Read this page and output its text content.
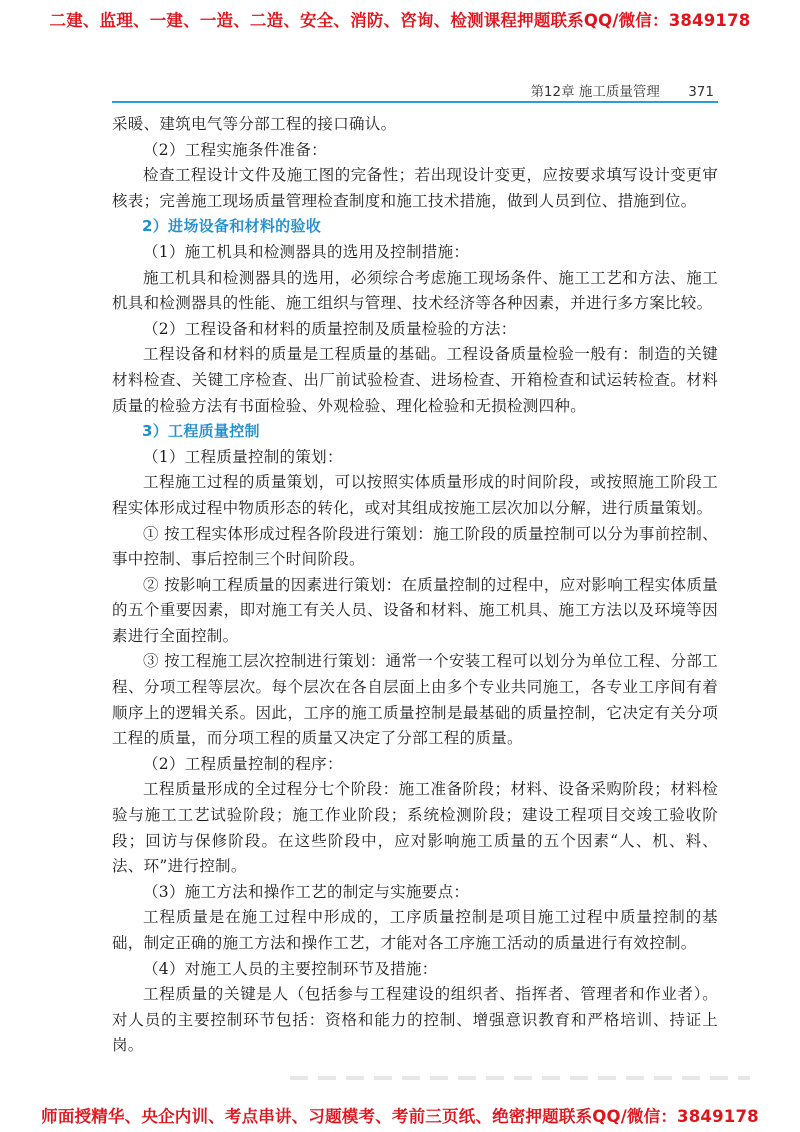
二建、监理、一建、一造、二造、安全、消防、咨询、检测课程押题联系QQ/微信：3849178
第12章 施工质量管理 371

采暖、建筑电气等分部工程的接口确认。

（2）工程实施条件准备：

检查工程设计文件及施工图的完备性；若出现设计变更，应按要求填写设计变更审核表；完善施工现场质量管理检查制度和施工技术措施，做到人员到位、措施到位。

2）进场设备和材料的验收

（1）施工机具和检测器具的选用及控制措施：

施工机具和检测器具的选用，必须综合考虑施工现场条件、施工工艺和方法、施工机具和检测器具的性能、施工组织与管理、技术经济等各种因素，并进行多方案比较。

（2）工程设备和材料的质量控制及质量检验的方法：

工程设备和材料的质量是工程质量的基础。工程设备质量检验一般有：制造的关键材料检查、关键工序检查、出厂前试验检查、进场检查、开箱检查和试运转检查。材料质量的检验方法有书面检验、外观检验、理化检验和无损检测四种。

3）工程质量控制

（1）工程质量控制的策划：

工程施工过程的质量策划，可以按照实体质量形成的时间阶段，或按照施工阶段工程实体形成过程中物质形态的转化，或对其组成按施工层次加以分解，进行质量策划。

① 按工程实体形成过程各阶段进行策划：施工阶段的质量控制可以分为事前控制、事中控制、事后控制三个时间阶段。

② 按影响工程质量的因素进行策划：在质量控制的过程中，应对影响工程实体质量的五个重要因素，即对施工有关人员、设备和材料、施工机具、施工方法以及环境等因素进行全面控制。

③ 按工程施工层次控制进行策划：通常一个安装工程可以划分为单位工程、分部工程、分项工程等层次。每个层次在各自层面上由多个专业共同施工，各专业工序间有着顺序上的逻辑关系。因此，工序的施工质量控制是最基础的质量控制，它决定有关分项工程的质量，而分项工程的质量又决定了分部工程的质量。

（2）工程质量控制的程序：

工程质量形成的全过程分七个阶段：施工准备阶段；材料、设备采购阶段；材料检验与施工工艺试验阶段；施工作业阶段；系统检测阶段；建设工程项目交竣工验收阶段；回访与保修阶段。在这些阶段中，应对影响施工质量的五个因素“人、机、料、法、环”进行控制。

（3）施工方法和操作工艺的制定与实施要点：

工程质量是在施工过程中形成的，工序质量控制是项目施工过程中质量控制的基础，制定正确的施工方法和操作工艺，才能对各工序施工活动的质量进行有效控制。

（4）对施工人员的主要控制环节及措施：

工程质量的关键是人（包括参与工程建设的组织者、指挥者、管理者和作业者）。对人员的主要控制环节包括：资格和能力的控制、增强意识教育和严格培训、持证上岗。

师面授精华、央企内训、考点串讲、习题模考、考前三页纸、绝密押题联系QQ/微信：3849178
